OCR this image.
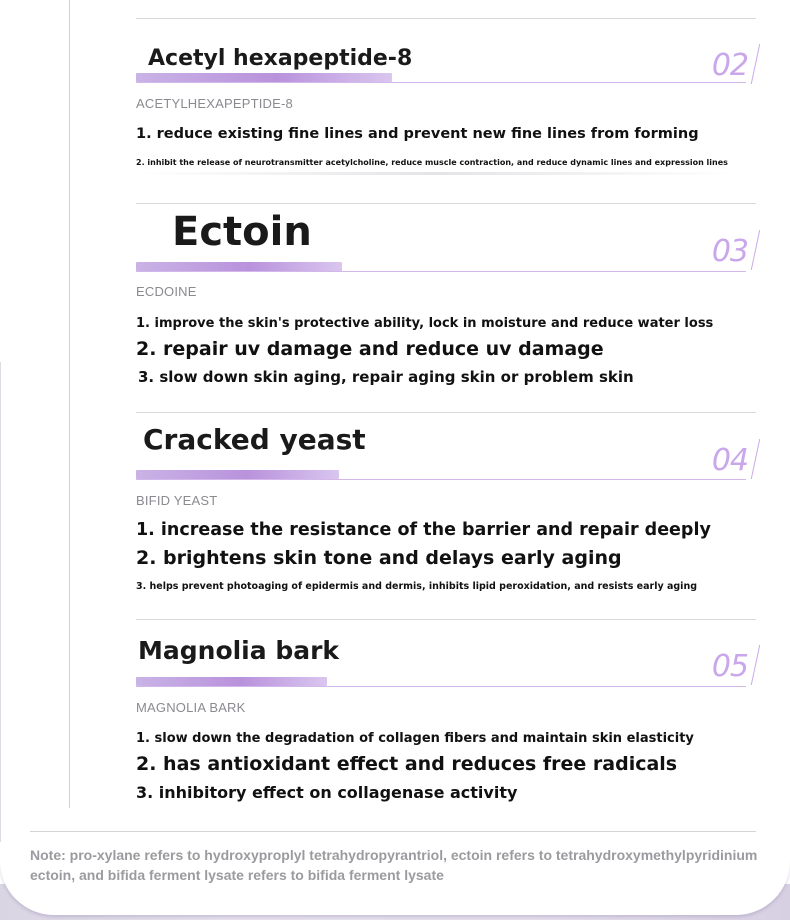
Acetyl hexapeptide-8	02
ACETYLHEXAPEPTIDE-8
1. reduce existing fine lines and prevent new fine lines from forming
2. inhibit the release of neurotransmitter acetylcholine, reduce muscle contraction, and reduce dynamic lines and expression lines
Ectoin	03
ECDOINE
1. improve the skin's protective ability, lock in moisture and reduce water loss
2. repair uv damage and reduce uv damage
3. slow down skin aging, repair aging skin or problem skin
Cracked yeast
04
BIFID YEAST
1. increase the resistance of the barrier and repair deeply
2. brightens skin tone and delays early aging
3. helps prevent photoaging of epidermis and dermis, inhibits lipid peroxidation, and resists early aging
Magnolia bark	05
MAGNOLIA BARK
1. slow down the degradation of collagen fibers and maintain skin elasticity
2. has antioxidant effect and reduces free radicals
3. inhibitory effect on collagenase activity
Note: pro-xylane refers to hydroxyproplyl tetrahydropyrantriol, ectoin refers to tetrahydroxymethylpyridinium ectoin, and bifida ferment lysate refers to bifida ferment lysate
